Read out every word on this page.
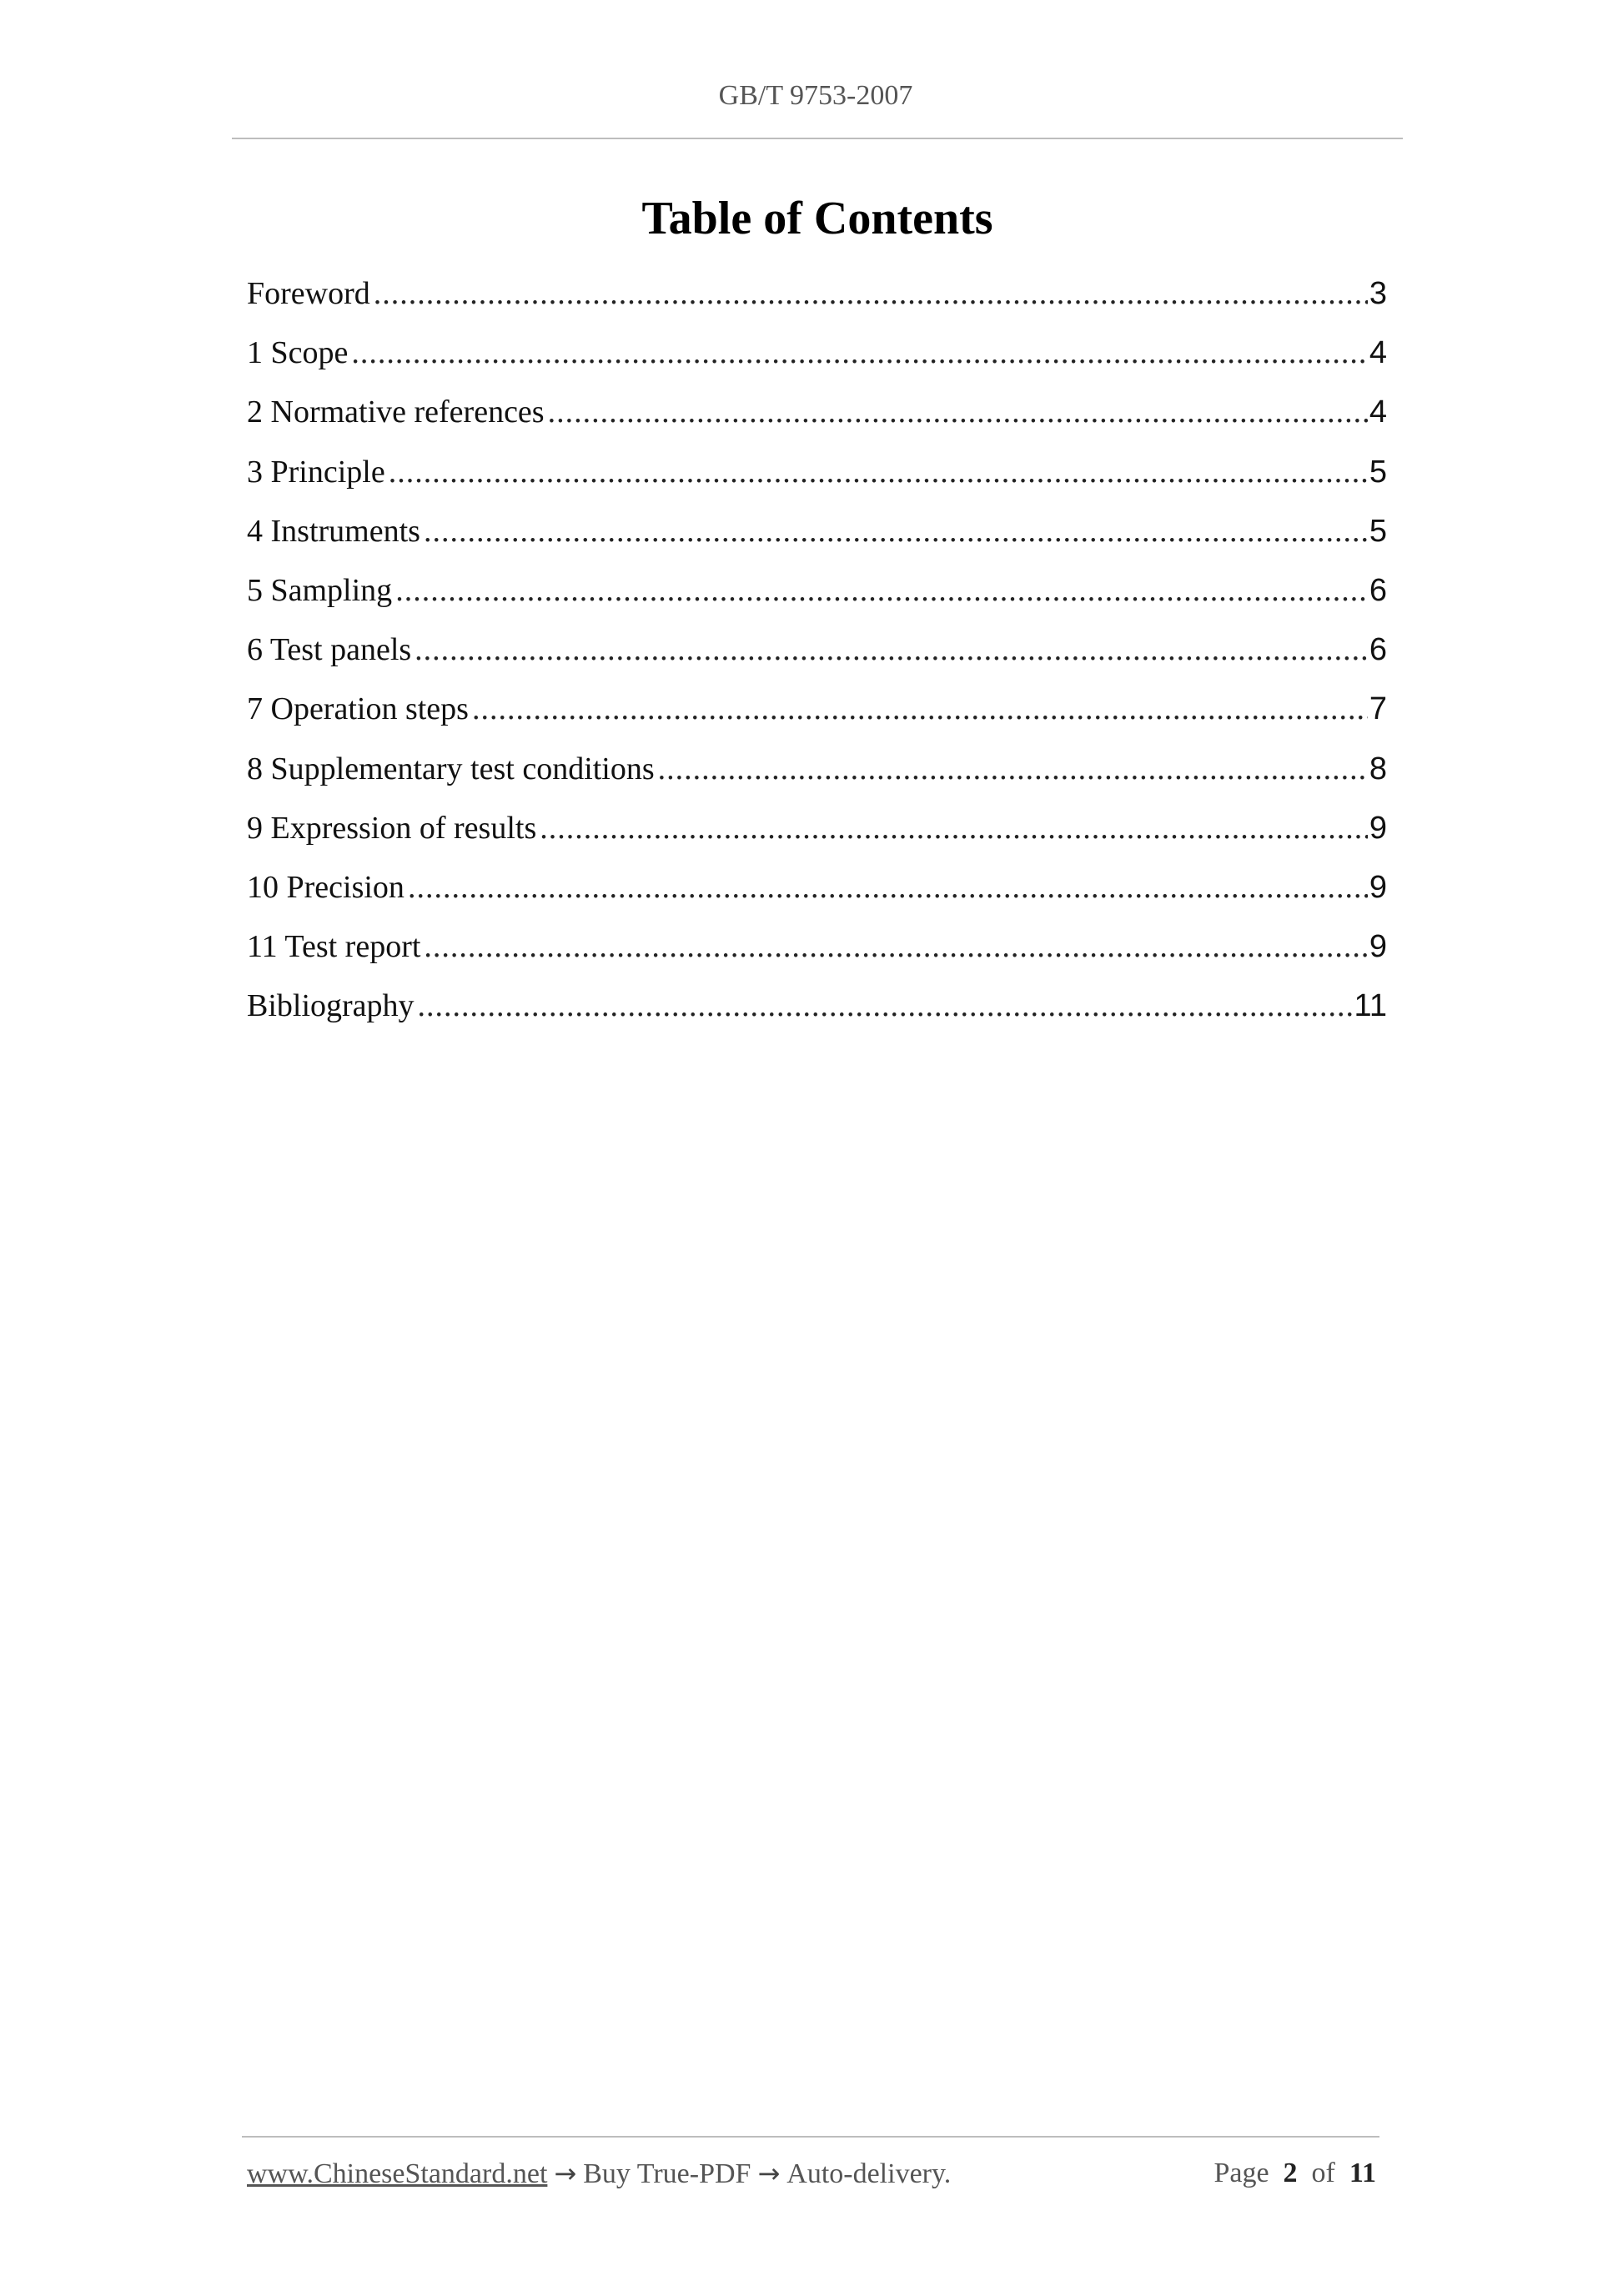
GB/T 9753-2007
Table of Contents
Foreword .....	3
1 Scope .....	4
2 Normative references .....	4
3 Principle .....	5
4 Instruments .....	5
5 Sampling .....	6
6 Test panels .....	6
7 Operation steps .....	7
8 Supplementary test conditions .....	8
9 Expression of results .....	9
10 Precision .....	9
11 Test report .....	9
Bibliography .....	11
www.ChineseStandard.net → Buy True-PDF → Auto-delivery.	Page 2 of 11
